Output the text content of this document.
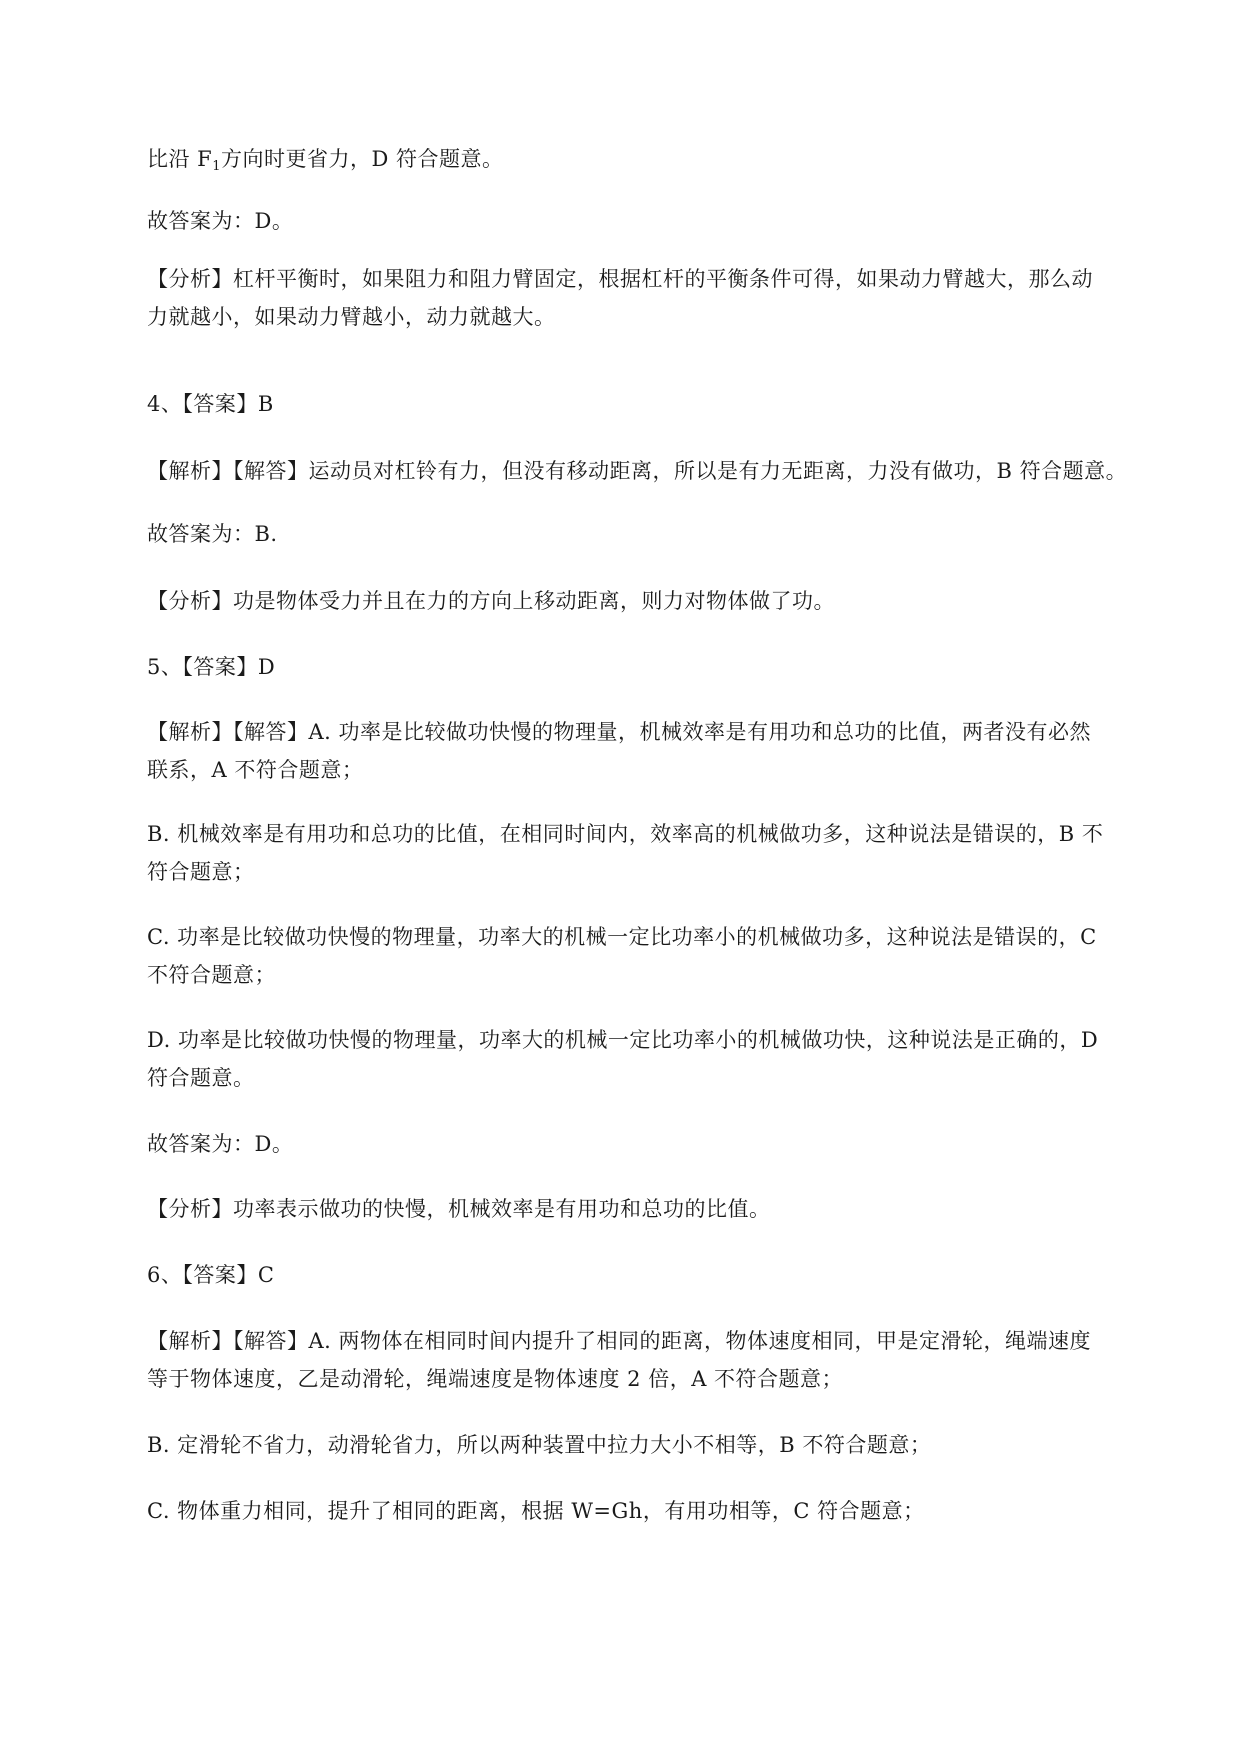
比沿 $F_1$方向时更省力，D 符合题意。

故答案为：D。

【分析】杠杆平衡时，如果阻力和阻力臂固定，根据杠杆的平衡条件可得，如果动力臂越大，那么动
力就越小，如果动力臂越小，动力就越大。

4、【答案】B

【解析】【解答】运动员对杠铃有力，但没有移动距离，所以是有力无距离，力没有做功，B 符合题意。

故答案为：B.

【分析】功是物体受力并且在力的方向上移动距离，则力对物体做了功。

5、【答案】D

【解析】【解答】A. 功率是比较做功快慢的物理量，机械效率是有用功和总功的比值，两者没有必然
联系，A 不符合题意；

B. 机械效率是有用功和总功的比值，在相同时间内，效率高的机械做功多，这种说法是错误的，B 不
符合题意；

C. 功率是比较做功快慢的物理量，功率大的机械一定比功率小的机械做功多，这种说法是错误的，C
不符合题意；

D. 功率是比较做功快慢的物理量，功率大的机械一定比功率小的机械做功快，这种说法是正确的，D
符合题意。

故答案为：D。

【分析】功率表示做功的快慢，机械效率是有用功和总功的比值。

6、【答案】C

【解析】【解答】A. 两物体在相同时间内提升了相同的距离，物体速度相同，甲是定滑轮，绳端速度
等于物体速度，乙是动滑轮，绳端速度是物体速度 2 倍，A 不符合题意；

B. 定滑轮不省力，动滑轮省力，所以两种装置中拉力大小不相等，B 不符合题意；

C. 物体重力相同，提升了相同的距离，根据 W=Gh，有用功相等，C 符合题意；
